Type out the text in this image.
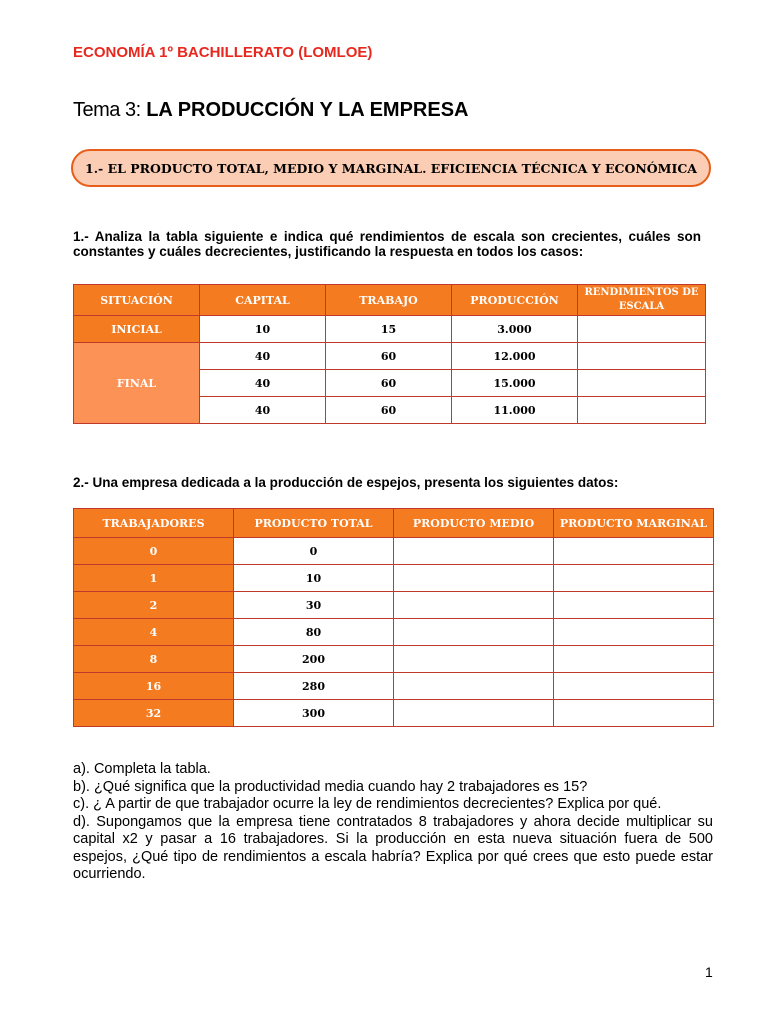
ECONOMÍA 1º BACHILLERATO (LOMLOE)
Tema 3: LA PRODUCCIÓN Y LA EMPRESA
1.- EL PRODUCTO TOTAL, MEDIO Y MARGINAL. EFICIENCIA TÉCNICA Y ECONÓMICA
1.- Analiza la tabla siguiente e indica qué rendimientos de escala son crecientes, cuáles son constantes y cuáles decrecientes, justificando la respuesta en todos los casos:
SITUACIÓN	CAPITAL	TRABAJO	PRODUCCIÓN	RENDIMIENTOS DE ESCALA
INICIAL	10	15	3.000	
FINAL	40	60	12.000	
	40	60	15.000	
	40	60	11.000	
2.- Una empresa dedicada a la producción de espejos, presenta los siguientes datos:
TRABAJADORES	PRODUCTO TOTAL	PRODUCTO MEDIO	PRODUCTO MARGINAL
0	0		
1	10		
2	30		
4	80		
8	200		
16	280		
32	300		
a). Completa la tabla.
b). ¿Qué significa que la productividad media cuando hay 2 trabajadores es 15?
c). ¿ A partir de que trabajador ocurre la ley de rendimientos decrecientes? Explica por qué.
d). Supongamos que la empresa tiene contratados 8 trabajadores y ahora decide multiplicar su capital x2 y pasar a 16 trabajadores. Si la producción en esta nueva situación fuera de 500 espejos, ¿Qué tipo de rendimientos a escala habría? Explica por qué crees que esto puede estar ocurriendo.
1
